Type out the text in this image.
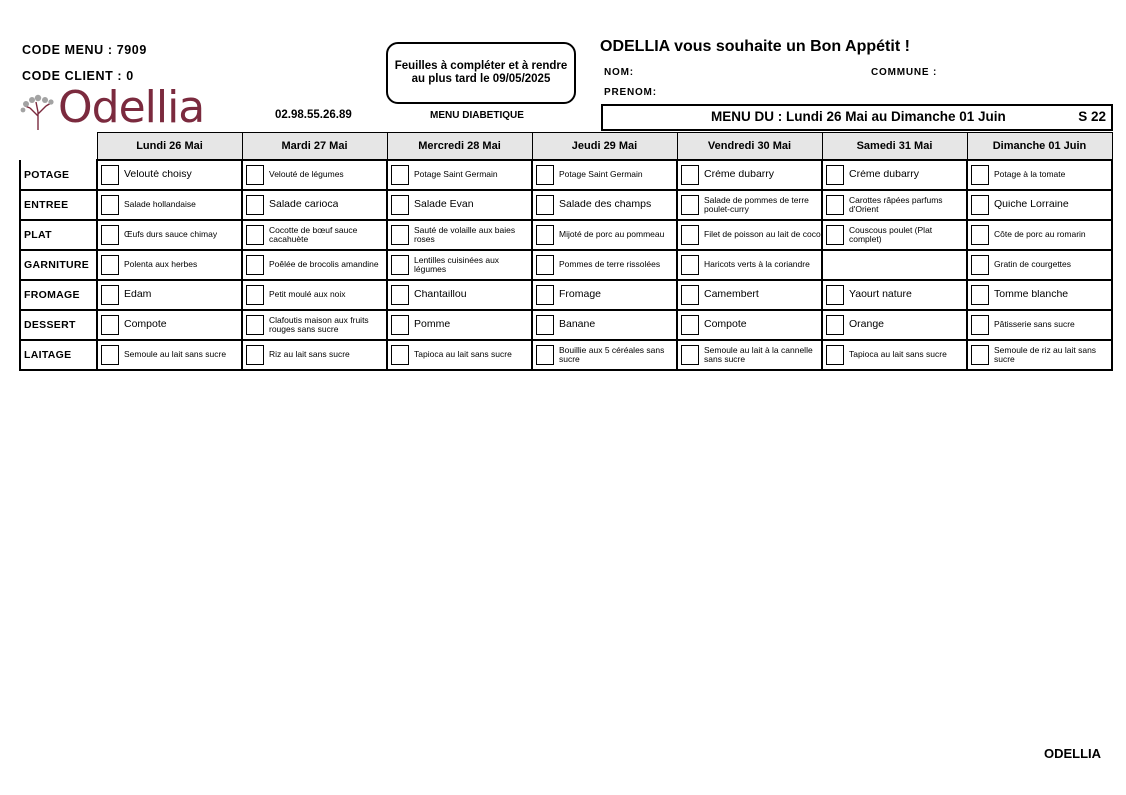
CODE MENU : 7909
CODE CLIENT : 0
Feuilles à compléter et à rendre
au plus tard le 09/05/2025
ODELLIA vous souhaite un Bon Appétit !
NOM:	COMMUNE :
PRENOM:
Odellia	02.98.55.26.89	MENU DIABETIQUE	MENU DU : Lundi 26 Mai au Dimanche 01 Juin	S 22
	Lundi 26 Mai	Mardi 27 Mai	Mercredi 28 Mai	Jeudi 29 Mai	Vendredi 30 Mai	Samedi 31 Mai	Dimanche 01 Juin
POTAGE	Velouté choisy	Velouté de légumes	Potage Saint Germain	Potage Saint Germain	Crème dubarry	Crème dubarry	Potage à la tomate

ENTREE	Salade hollandaise	Salade carioca	Salade Evan	Salade des champs	Salade de pommes de terre poulet-curry	Carottes râpées parfums d'Orient	Quiche Lorraine

PLAT	Œufs durs sauce chimay	Cocotte de bœuf sauce cacahuète	Sauté de volaille aux baies roses	Mijoté de porc au pommeau	Filet de poisson au lait de coco	Couscous poulet (Plat complet)	Côte de porc au romarin

GARNITURE	Polenta aux herbes	Poêlée de brocolis amandine	Lentilles cuisinées aux légumes	Pommes de terre rissolées	Haricots verts à la coriandre		Gratin de courgettes

FROMAGE	Edam	Petit moulé aux noix	Chantaillou	Fromage	Camembert	Yaourt nature	Tomme blanche

DESSERT	Compote	Clafoutis maison aux fruits rouges sans sucre	Pomme	Banane	Compote	Orange	Pâtisserie sans sucre

LAITAGE	Semoule au lait sans sucre	Riz au lait sans sucre	Tapioca au lait sans sucre	Bouillie aux 5 céréales sans sucre	Semoule au lait à la cannelle sans sucre	Tapioca au lait sans sucre	Semoule de riz au lait sans sucre
ODELLIA
